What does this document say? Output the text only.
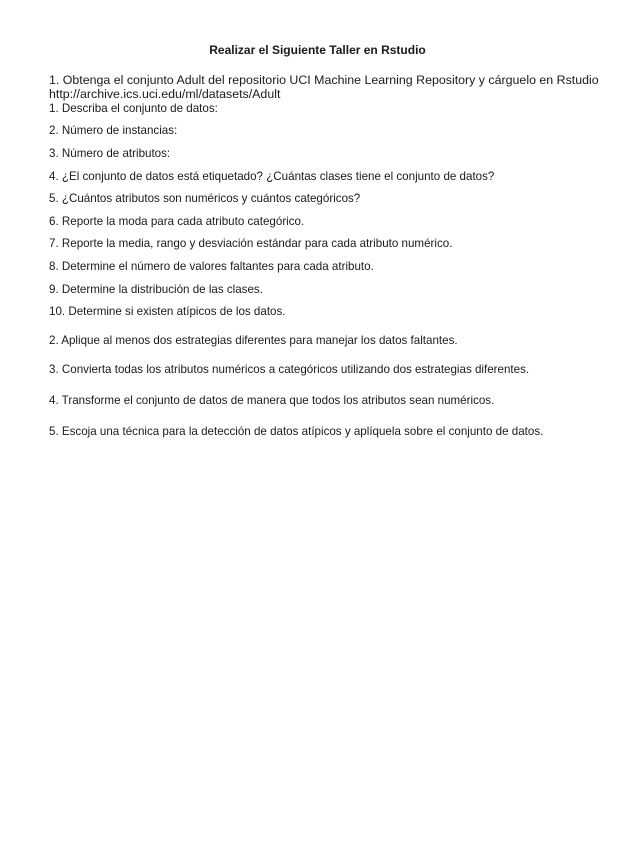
Realizar el Siguiente Taller en Rstudio
1. Obtenga el conjunto Adult del repositorio UCI Machine Learning Repository y cárguelo en Rstudio
http://archive.ics.uci.edu/ml/datasets/Adult
1. Describa el conjunto de datos:
2. Número de instancias:
3. Número de atributos:
4. ¿El conjunto de datos está etiquetado? ¿Cuántas clases tiene el conjunto de datos?
5. ¿Cuántos atributos son numéricos y cuántos categóricos?
6. Reporte la moda para cada atributo categórico.
7. Reporte la media, rango y desviación estándar para cada atributo numérico.
8. Determine el número de valores faltantes para cada atributo.
9. Determine la distribución de las clases.
10. Determine si existen atípicos de los datos.
2. Aplique al menos dos estrategias diferentes para manejar los datos faltantes.
3. Convierta todas los atributos numéricos a categóricos utilizando dos estrategias diferentes.
4. Transforme el conjunto de datos de manera que todos los atributos sean numéricos.
5. Escoja una técnica para la detección de datos atípicos y aplíquela sobre el conjunto de datos.
